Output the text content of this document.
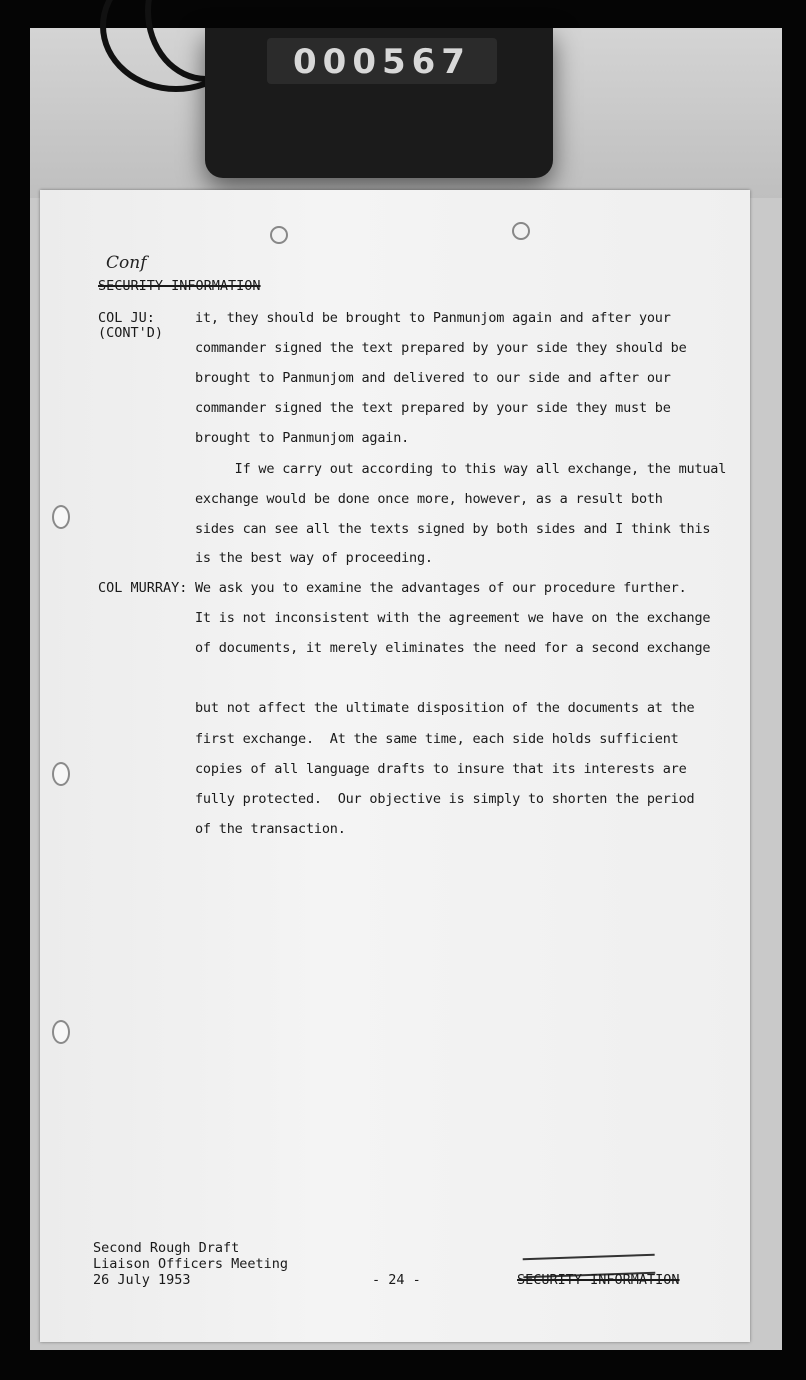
000567
Conf
SECURITY INFORMATION
COL JU:
(CONT'D)
it, they should be brought to Panmunjom again and after your
commander signed the text prepared by your side they should be
brought to Panmunjom and delivered to our side and after our
commander signed the text prepared by your side they must be
brought to Panmunjom again.
If we carry out according to this way all exchange, the mutual
exchange would be done once more, however, as a result both
sides can see all the texts signed by both sides and I think this
is the best way of proceeding.
COL MURRAY: We ask you to examine the advantages of our procedure further.
It is not inconsistent with the agreement we have on the exchange
of documents, it merely eliminates the need for a second exchange
but not affect the ultimate disposition of the documents at the
first exchange.  At the same time, each side holds sufficient
copies of all language drafts to insure that its interests are
fully protected.  Our objective is simply to shorten the period
of the transaction.
Second Rough Draft
Liaison Officers Meeting
26 July 1953	- 24 -	SECURITY INFORMATION
